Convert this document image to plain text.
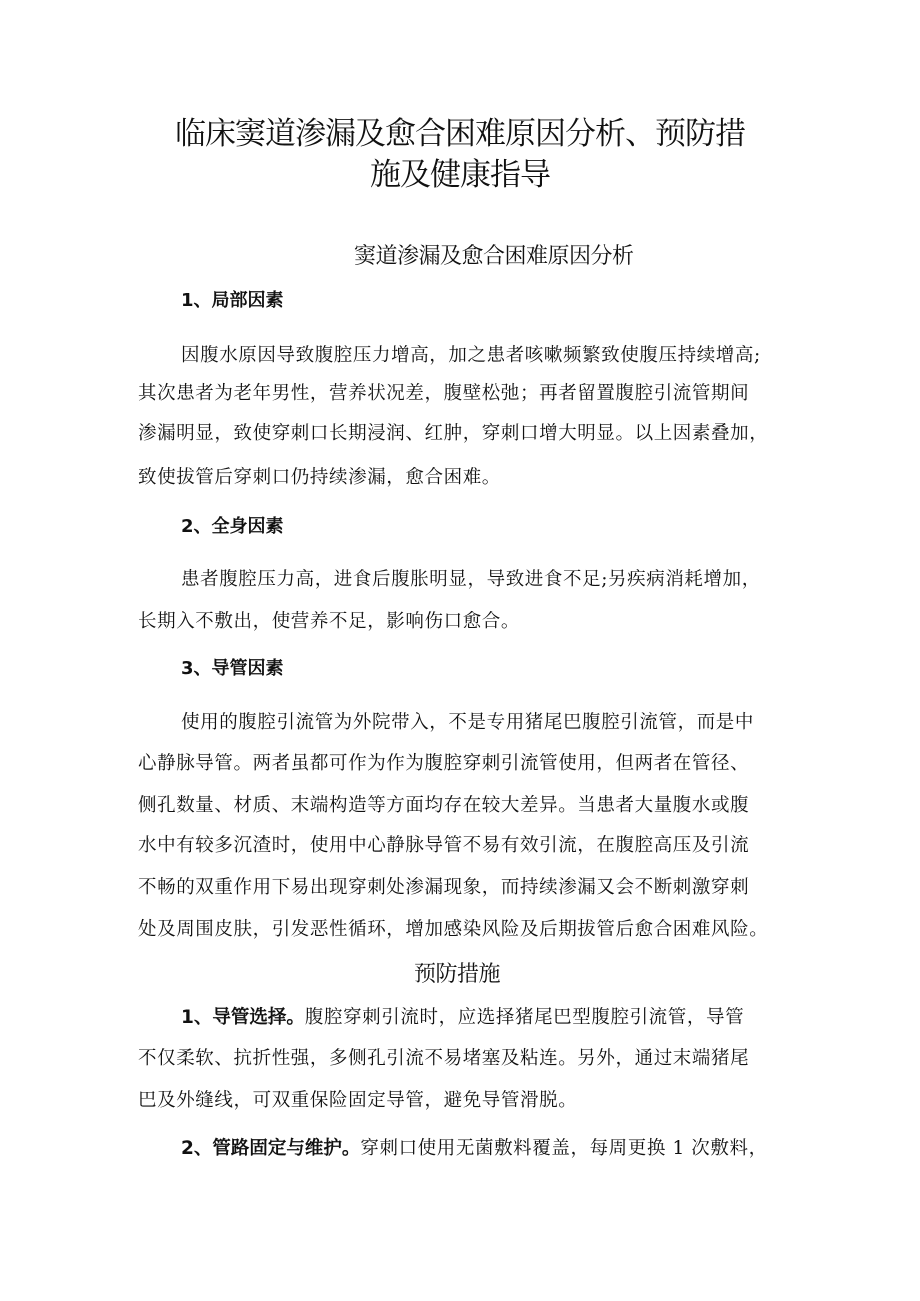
临床窦道渗漏及愈合困难原因分析、预防措
施及健康指导
窦道渗漏及愈合困难原因分析
1、局部因素
因腹水原因导致腹腔压力增高，加之患者咳嗽频繁致使腹压持续增高;
其次患者为老年男性，营养状况差，腹壁松弛；再者留置腹腔引流管期间
渗漏明显，致使穿刺口长期浸润、红肿，穿刺口增大明显。以上因素叠加，
致使拔管后穿刺口仍持续渗漏，愈合困难。
2、全身因素
患者腹腔压力高，进食后腹胀明显，导致进食不足;另疾病消耗增加，
长期入不敷出，使营养不足，影响伤口愈合。
3、导管因素
使用的腹腔引流管为外院带入，不是专用猪尾巴腹腔引流管，而是中
心静脉导管。两者虽都可作为作为腹腔穿刺引流管使用，但两者在管径、
侧孔数量、材质、末端构造等方面均存在较大差异。当患者大量腹水或腹
水中有较多沉渣时，使用中心静脉导管不易有效引流，在腹腔高压及引流
不畅的双重作用下易出现穿刺处渗漏现象，而持续渗漏又会不断刺激穿刺
处及周围皮肤，引发恶性循环，增加感染风险及后期拔管后愈合困难风险。
预防措施
1、导管选择。腹腔穿刺引流时，应选择猪尾巴型腹腔引流管，导管
不仅柔软、抗折性强，多侧孔引流不易堵塞及粘连。另外，通过末端猪尾
巴及外缝线，可双重保险固定导管，避免导管滑脱。
2、管路固定与维护。穿刺口使用无菌敷料覆盖，每周更换 1 次敷料，
